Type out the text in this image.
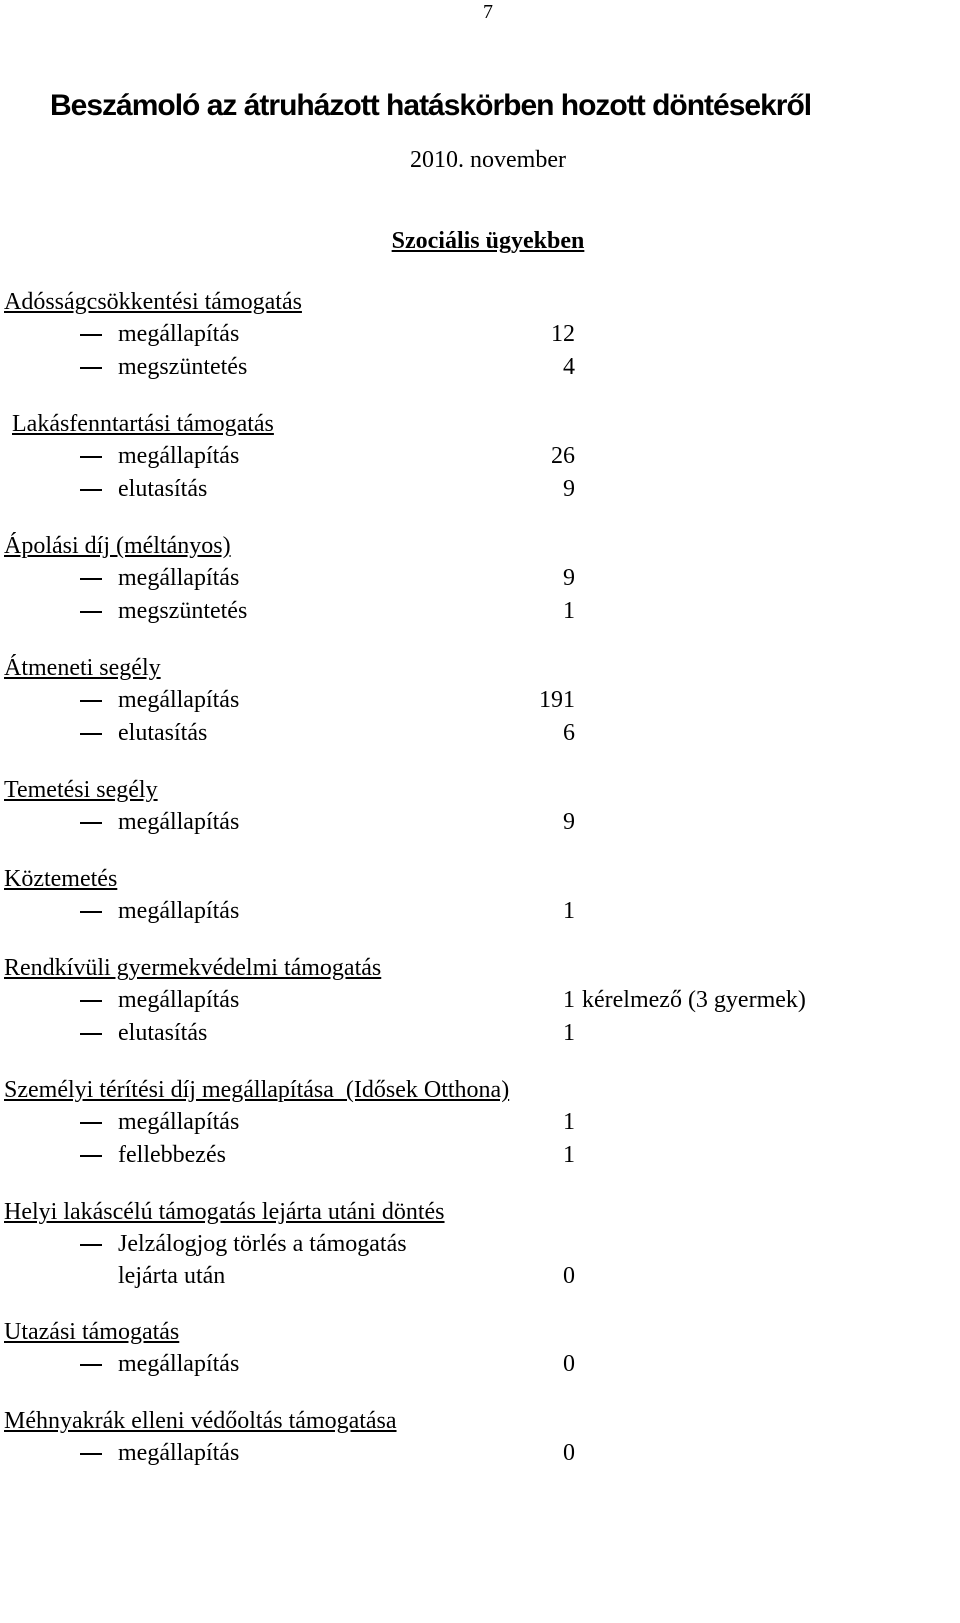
7
Beszámoló az átruházott hatáskörben hozott döntésekről
2010. november
Szociális ügyekben
Adósságcsökkentési támogatás
megállapítás	12
megszüntetés	4
Lakásfenntartási támogatás
megállapítás	26
elutasítás	9
Ápolási díj (méltányos)
megállapítás	9
megszüntetés	1
Átmeneti segély
megállapítás	191
elutasítás	6
Temetési segély
megállapítás	9
Köztemetés
megállapítás	1
Rendkívüli gyermekvédelmi támogatás
megállapítás	1 kérelmező (3 gyermek)
elutasítás	1
Személyi térítési díj megállapítása  (Idősek Otthona)
megállapítás	1
fellebbezés	1
Helyi lakáscélú támogatás lejárta utáni döntés
Jelzálogjog törlés a támogatás
lejárta után	0
Utazási támogatás
megállapítás	0
Méhnyakrák elleni védőoltás támogatása
megállapítás	0
